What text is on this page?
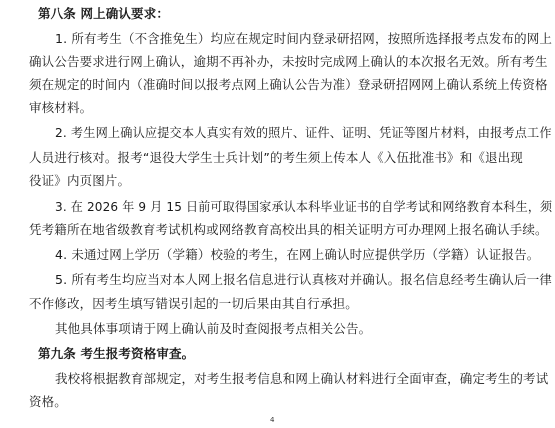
第八条 网上确认要求：
1. 所有考生（不含推免生）均应在规定时间内登录研招网，按照所选择报考点发布的网上
确认公告要求进行网上确认，逾期不再补办，未按时完成网上确认的本次报名无效。所有考生
须在规定的时间内（准确时间以报考点网上确认公告为准）登录研招网网上确认系统上传资格
审核材料。
2. 考生网上确认应提交本人真实有效的照片、证件、证明、凭证等图片材料，由报考点工作
人员进行核对。报考“退役大学生士兵计划”的考生须上传本人《入伍批准书》和《退出现
役证》内页图片。
3. 在 2026 年 9 月 15 日前可取得国家承认本科毕业证书的自学考试和网络教育本科生，须
凭考籍所在地省级教育考试机构或网络教育高校出具的相关证明方可办理网上报名确认手续。
4. 未通过网上学历（学籍）校验的考生，在网上确认时应提供学历（学籍）认证报告。
5. 所有考生均应当对本人网上报名信息进行认真核对并确认。报名信息经考生确认后一律
不作修改，因考生填写错误引起的一切后果由其自行承担。
其他具体事项请于网上确认前及时查阅报考点相关公告。
第九条 考生报考资格审查。
我校将根据教育部规定，对考生报考信息和网上确认材料进行全面审查，确定考生的考试
资格。
4
